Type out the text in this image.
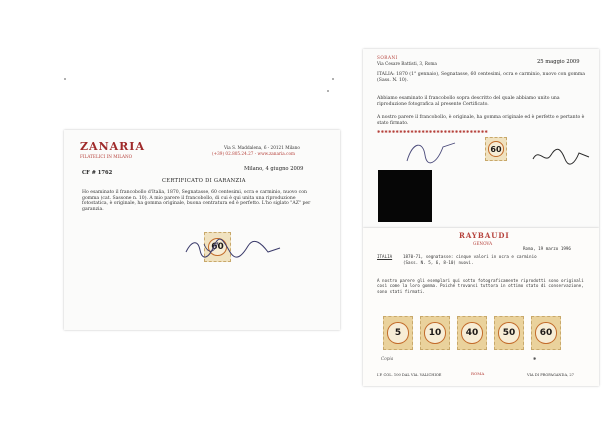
ZANARIA
FILATELICI IN MILANO
Via S. Maddalena, 6 - 20121 Milano
(+39) 02.805.24.27 - www.zanaria.com
Milano, 4 giugno 2009
CF # 1762
CERTIFICATO DI GARANZIA
Ho esaminato il francobollo d'Italia, 1870, Segnatasse, 60 centesimi, ocra e carminio, nuovo con gomma (cat. Sassone n. 10). A mio parere il francobollo, di cui è qui unita una riproduzione fotostatica, è originale, ha gomma originale, buona centratura ed è perfetto. L'ho siglato "AZ" per garanzia.
60
SORANI
Via Cesare Battisti, 3, Roma	25 maggio 2009
ITALIA: 1870 (1° gennaio), Segnatasse, 60 centesimi, ocra e carminio, nuovo con gomma (Sass. N. 10).
Abbiamo esaminato il francobollo sopra descritto del quale abbiamo unito una riproduzione fotografica al presente Certificato.
A nostro parere il francobollo, è originale, ha gomma originale ed è perfetto e pertanto è stato firmato.
✱✱✱✱✱✱✱✱✱✱✱✱✱✱✱✱✱✱✱✱✱✱✱✱✱✱✱✱✱✱
60
RAYBAUDI
GENOVA
Roma, 19 marzo 1996
ITALIA	1870-71, segnatasse: cinque valori in ocra e carminio
(Sass. N. 5, 6, 8-10) nuovi.
A nostro parere gli esemplari qui sotto fotograficamente riprodotti sono originali così come la loro gomma. Poiché trovansi tuttora in ottimo stato di conservazione, sono stati firmati.
5	10	40	50	60
Copia	✱
I.P. COL. 100 DAL VIA. VALICHIOE	ROMA	VIA DI PROPAGANDA, 27
